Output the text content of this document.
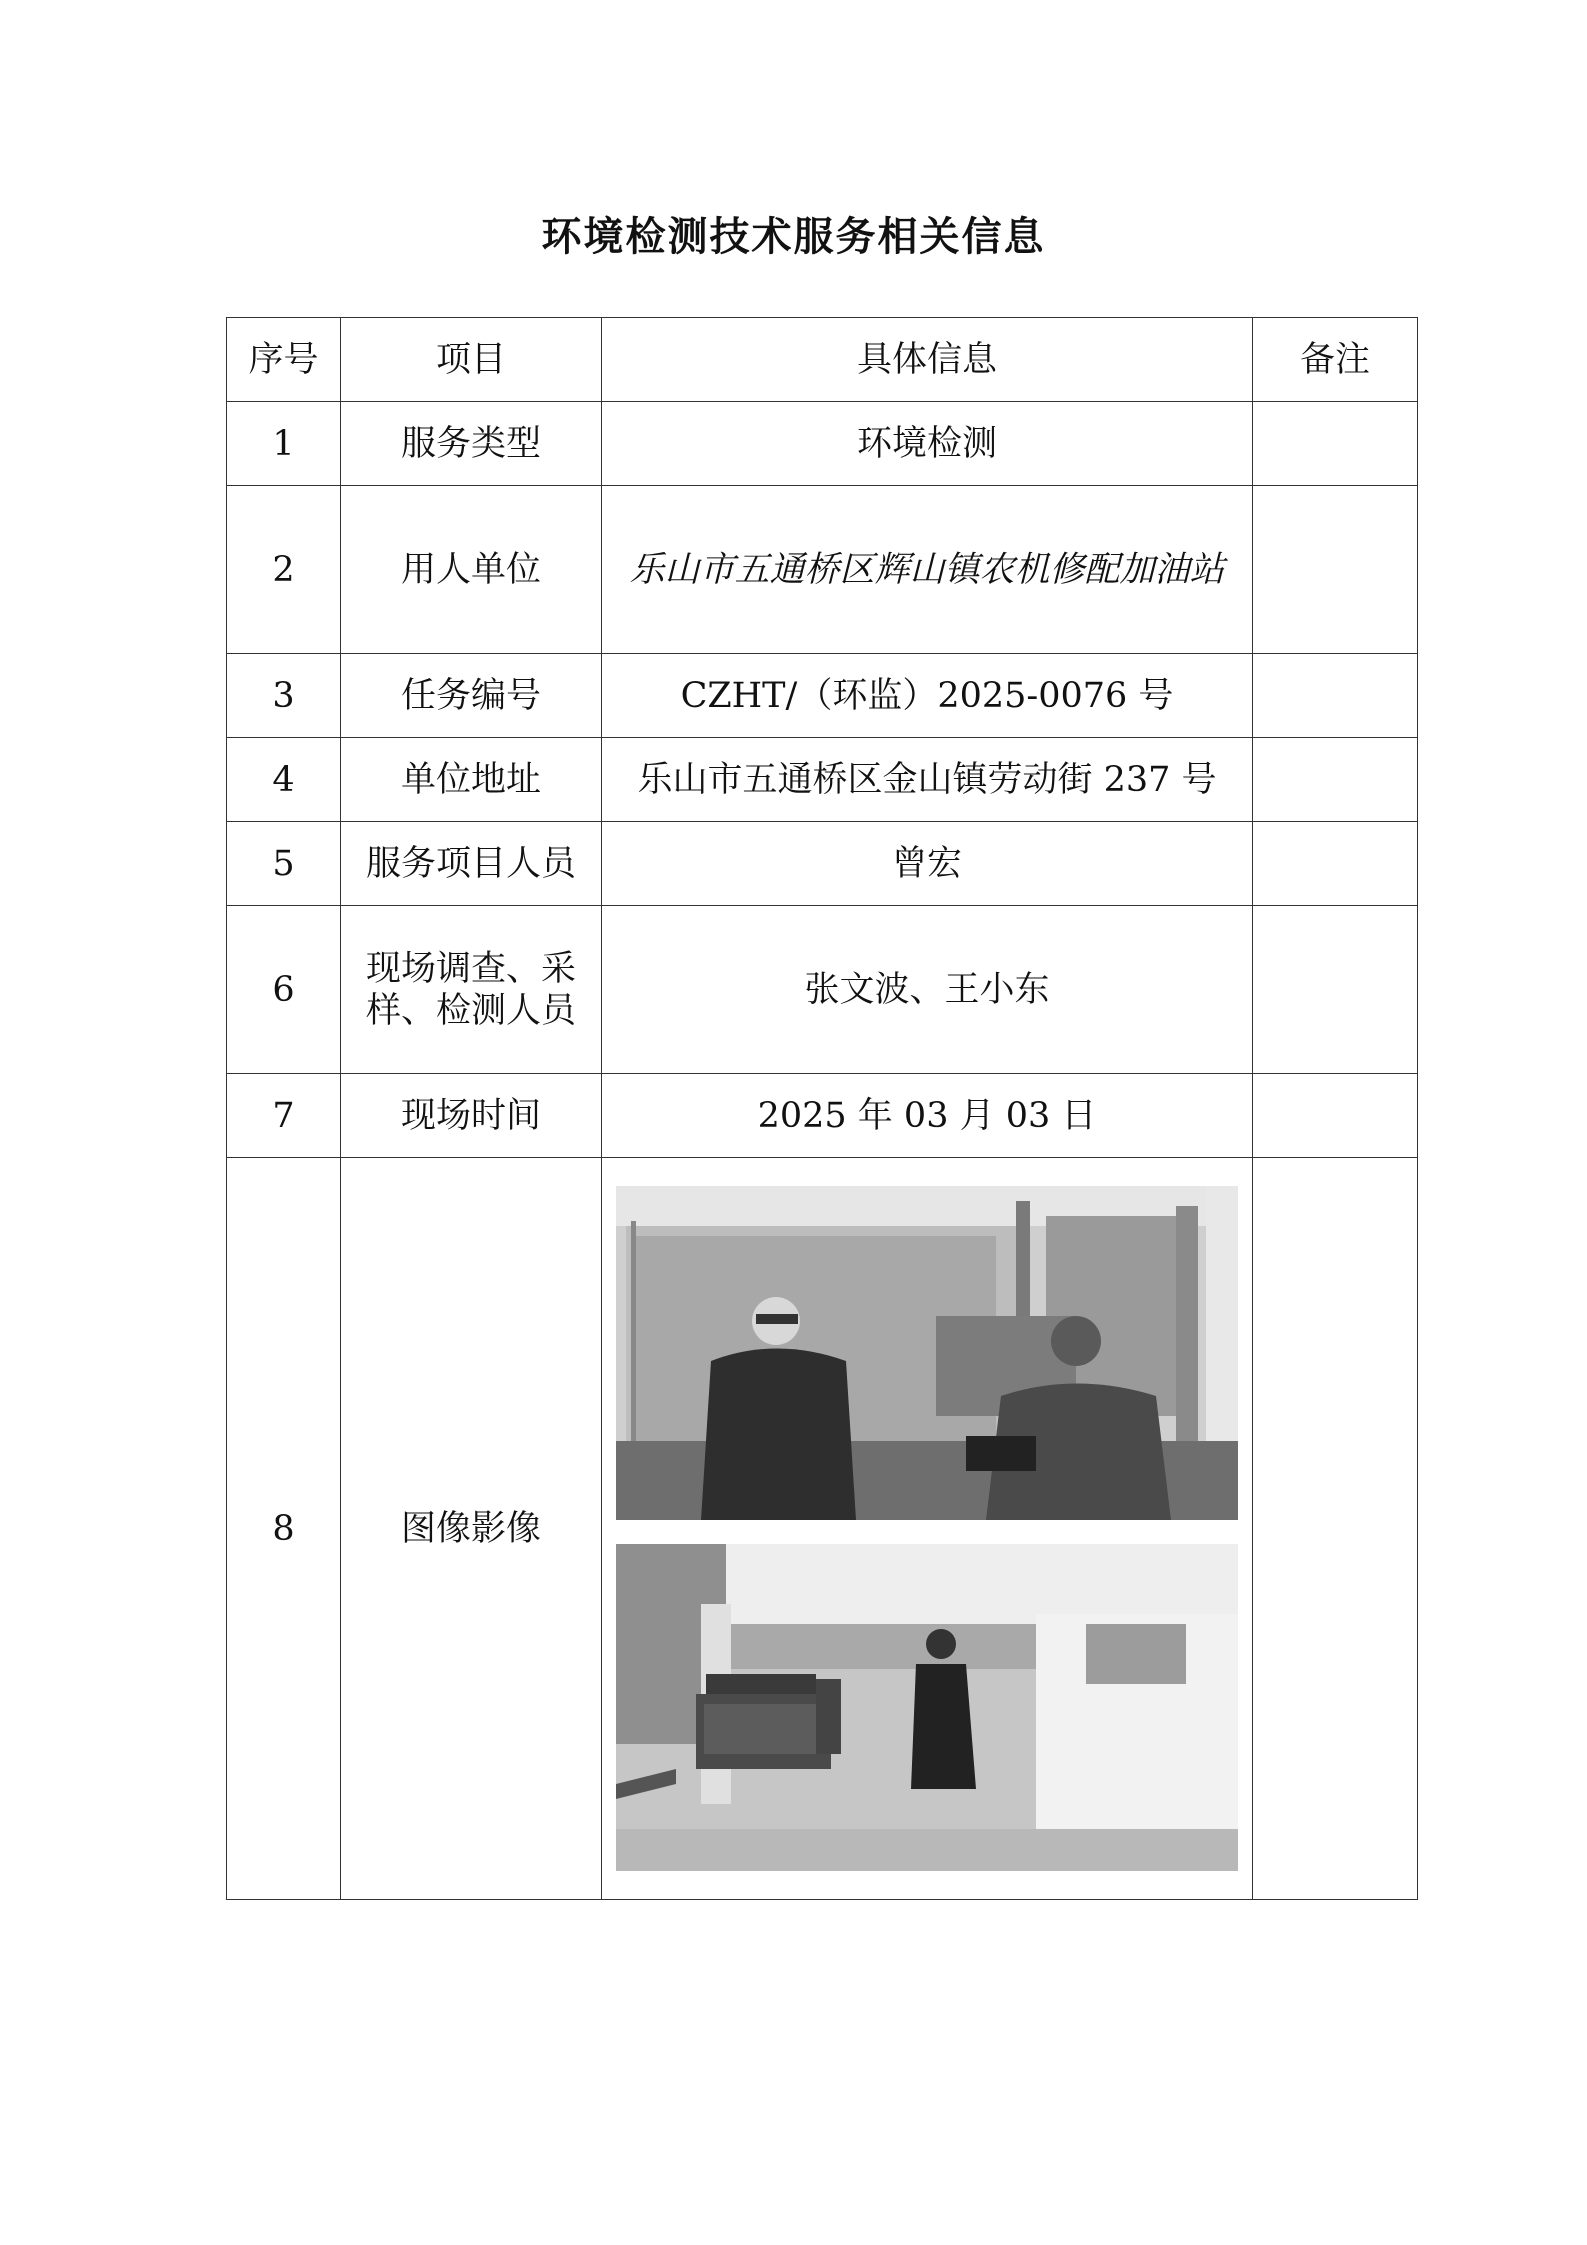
环境检测技术服务相关信息
序号	项目	具体信息	备注
1	服务类型	环境检测	
2	用人单位	乐山市五通桥区辉山镇农机修配加油站	
3	任务编号	CZHT/（环监）2025-0076 号	
4	单位地址	乐山市五通桥区金山镇劳动街 237 号	
5	服务项目人员	曾宏	
6	现场调查、采样、检测人员	张文波、王小东	
7	现场时间	2025 年 03 月 03 日	
8	图像影像	
